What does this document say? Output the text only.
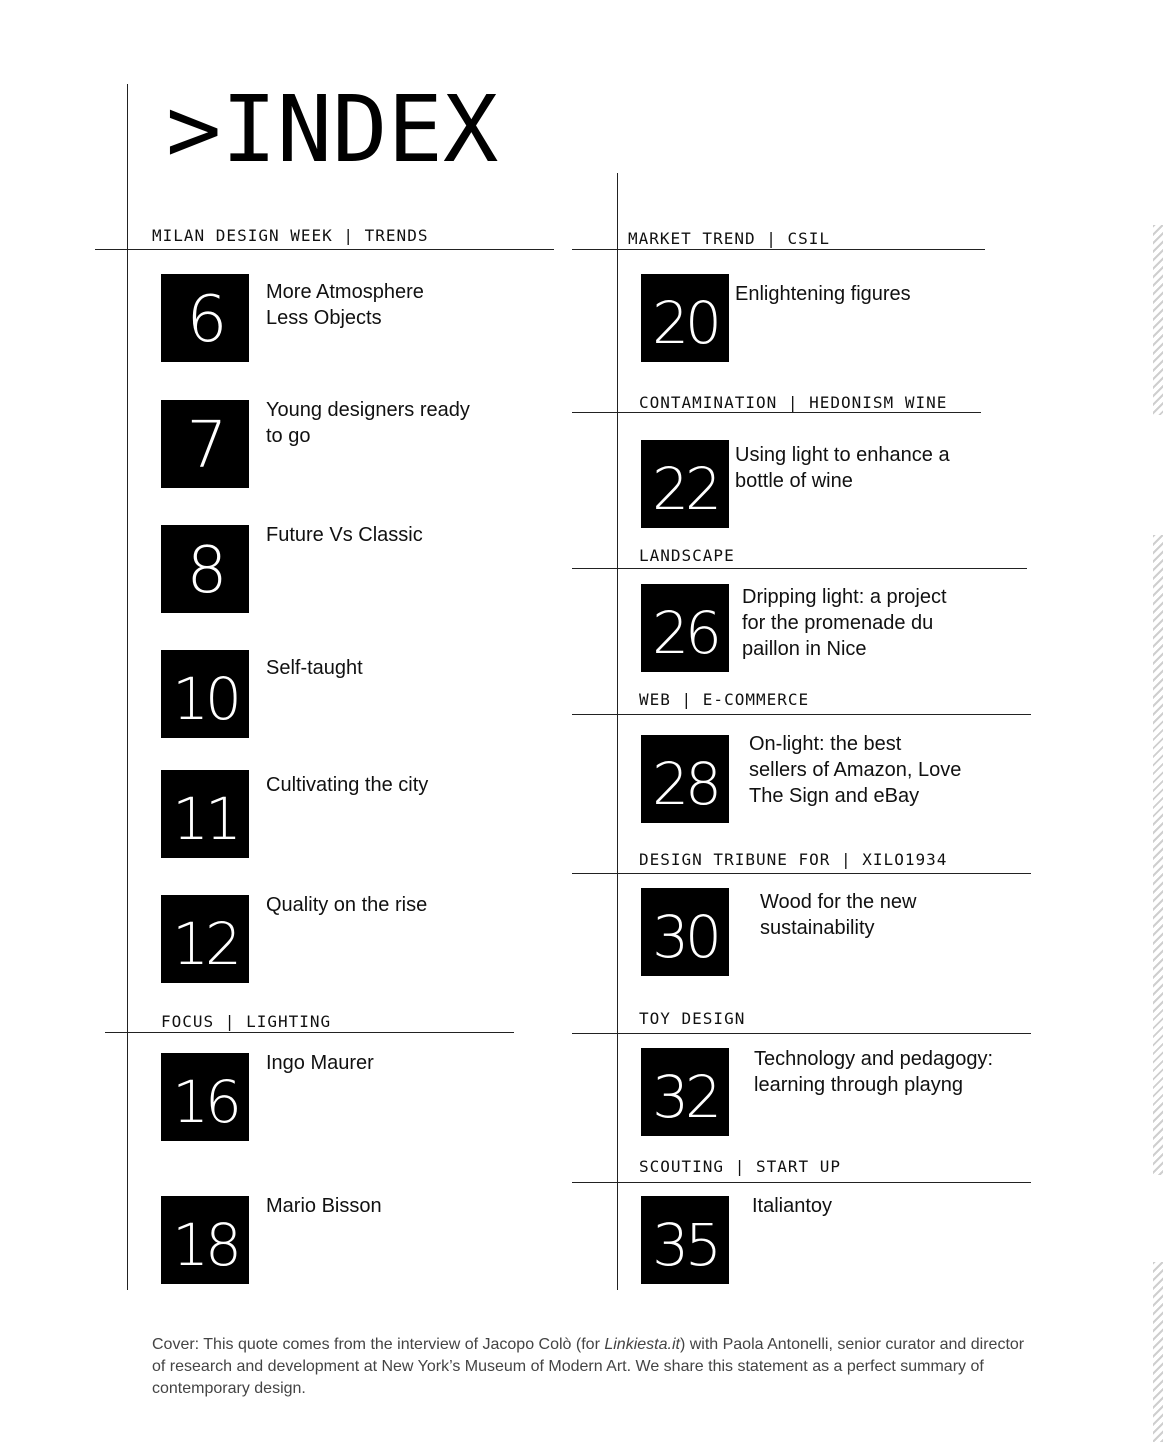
>INDEX
MILAN DESIGN WEEK | TRENDS
6 More Atmosphere
Less Objects
7 Young designers ready
to go
8 Future Vs Classic
10 Self-taught
11 Cultivating the city
12
Quality on the rise
FOCUS | LIGHTING
16
Ingo Maurer
18
Mario Bisson
MARKET TREND | CSIL
20 Enlightening figures
CONTAMINATION | HEDONISM WINE
22 Using light to enhance a
bottle of wine
LANDSCAPE
26
Dripping light: a project
for the promenade du
paillon in Nice
WEB | E-COMMERCE
28
On-light: the best
sellers of Amazon, Love
The Sign and eBay
DESIGN TRIBUNE FOR | XILO1934
30
Wood for the new
sustainability
TOY DESIGN
32
Technology and pedagogy:
learning through playng
SCOUTING | START UP
35
Italiantoy
Cover: This quote comes from the interview of Jacopo Colò (for Linkiesta.it) with Paola Antonelli, senior curator and director of research and development at New York’s Museum of Modern Art. We share this statement as a perfect summary of contemporary design.
